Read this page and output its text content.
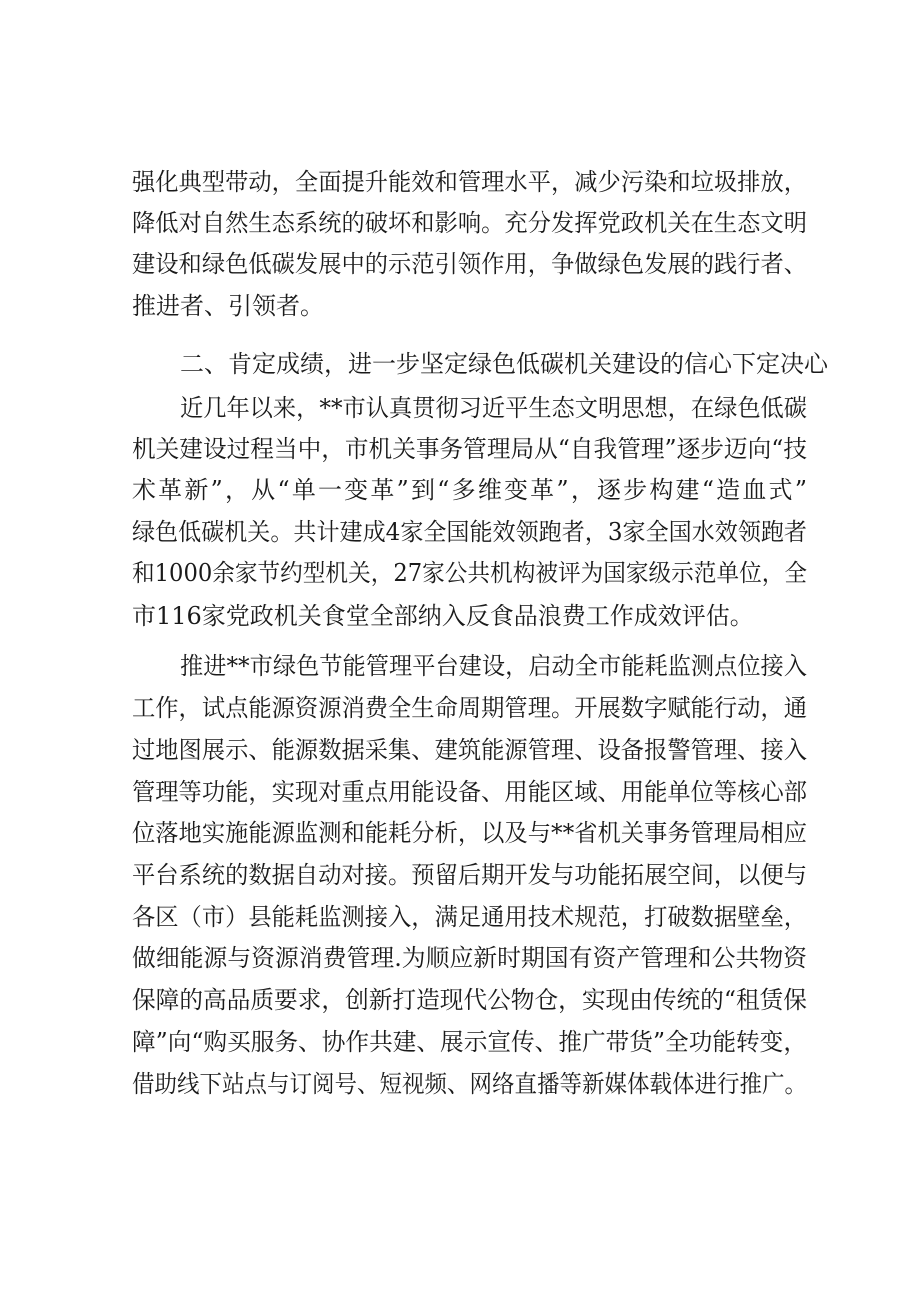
强化典型带动，全面提升能效和管理水平，减少污染和垃圾排放，
降低对自然生态系统的破坏和影响。充分发挥党政机关在生态文明
建设和绿色低碳发展中的示范引领作用，争做绿色发展的践行者、
推进者、引领者。
二、肯定成绩，进一步坚定绿色低碳机关建设的信心下定决心
近几年以来，**市认真贯彻习近平生态文明思想，在绿色低碳
机关建设过程当中，市机关事务管理局从“自我管理”逐步迈向“技
术革新”，从“单一变革”到“多维变革”，逐步构建“造血式”
绿色低碳机关。共计建成4家全国能效领跑者，3家全国水效领跑者
和1000余家节约型机关，27家公共机构被评为国家级示范单位，全
市116家党政机关食堂全部纳入反食品浪费工作成效评估。
推进**市绿色节能管理平台建设，启动全市能耗监测点位接入
工作，试点能源资源消费全生命周期管理。开展数字赋能行动，通
过地图展示、能源数据采集、建筑能源管理、设备报警管理、接入
管理等功能，实现对重点用能设备、用能区域、用能单位等核心部
位落地实施能源监测和能耗分析，以及与**省机关事务管理局相应
平台系统的数据自动对接。预留后期开发与功能拓展空间，以便与
各区（市）县能耗监测接入，满足通用技术规范，打破数据壁垒，
做细能源与资源消费管理.为顺应新时期国有资产管理和公共物资
保障的高品质要求，创新打造现代公物仓，实现由传统的“租赁保
障”向“购买服务、协作共建、展示宣传、推广带货”全功能转变，
借助线下站点与订阅号、短视频、网络直播等新媒体载体进行推广。
